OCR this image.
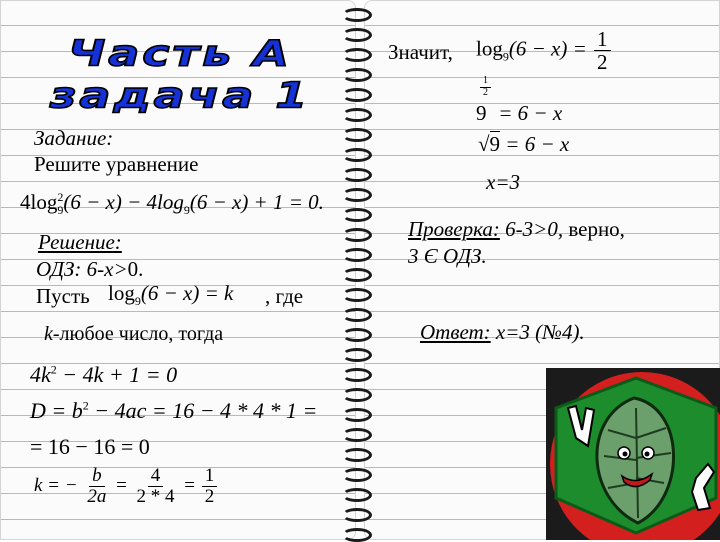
Часть А
задача 1
Задание:
Решите уравнение
$4\log^2_9(6 - x) - 4\log_9(6 - x) + 1 = 0$.
Решение:
ОДЗ: 6-x>0.
Пусть $\log_9(6 - x) = k$ , где
k-любое число, тогда
$4k^2 - 4k + 1 = 0$
$D = b^2 - 4ac = 16 - 4 * 4 * 1$ =
= 16 − 16 = 0
k = − $\frac{b}{2a} = \frac{4}{2 * 4} = \frac{1}{2}$
Значит, $\log_9(6 - x) = \frac{1}{2}$
$\frac{1}{2}$

9 = 6 − x
√9 = 6 − x
x=3
Проверка: 6-3>0, верно,
3 Є ОДЗ.
Ответ: x=3 (№4).
